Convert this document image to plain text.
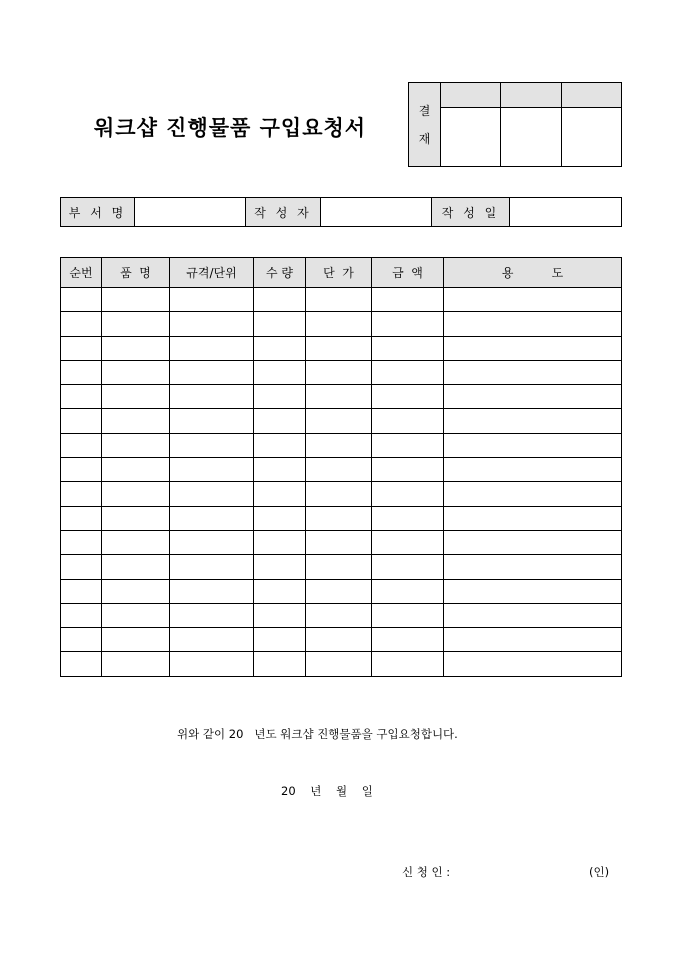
워크샵 진행물품 구입요청서
결
재			

부 서 명		작 성 자		작 성 일	
순번	품  명	규격/단위	수 량	단  가	금  액	용          도

위와 같이 20   년도 워크샵 진행물품을 구입요청합니다.
20    년    월    일
신 청 인 :	(인)
